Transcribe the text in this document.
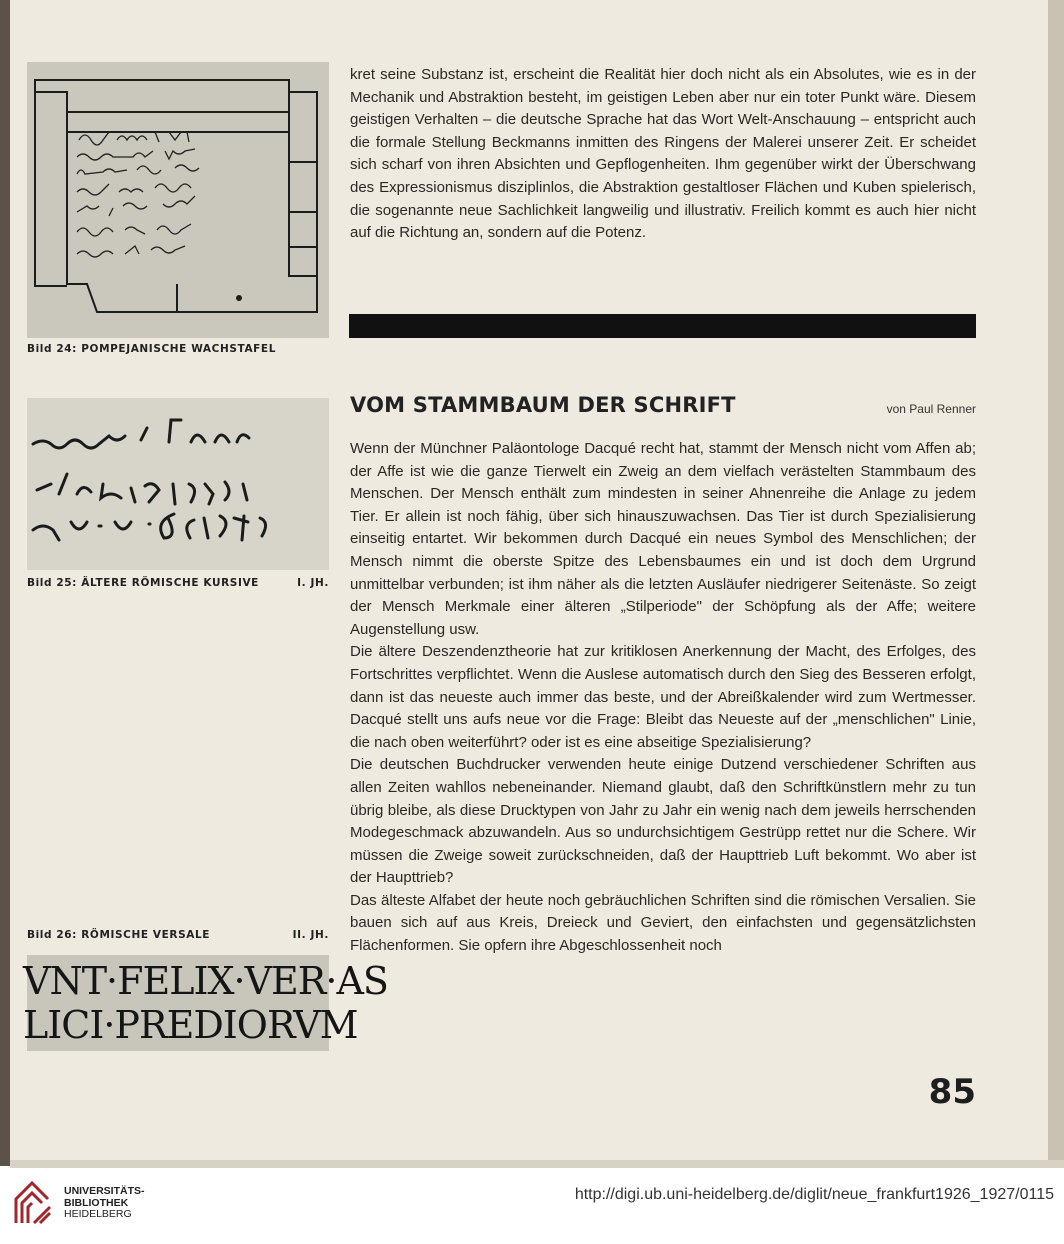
Bild 24: POMPEJANISCHE WACHSTAFEL
Bild 25: ÄLTERE RÖMISCHE KURSIVE	I. JH.
Bild 26: RÖMISCHE VERSALE	II. JH.
VNT·FELIX·VER·AS
LICI·PREDIORVM

kret seine Substanz ist, erscheint die Realität hier doch nicht als ein Absolutes, wie es in der Mechanik und Abstraktion besteht, im geistigen Leben aber nur ein toter Punkt wäre. Diesem geistigen Verhalten – die deutsche Sprache hat das Wort Welt-Anschauung – entspricht auch die formale Stellung Beckmanns inmitten des Ringens der Malerei unserer Zeit. Er scheidet sich scharf von ihren Absichten und Gepflogenheiten. Ihm gegenüber wirkt der Überschwang des Expressionismus disziplinlos, die Abstraktion gestaltloser Flächen und Kuben spielerisch, die sogenannte neue Sachlichkeit langweilig und illustrativ. Freilich kommt es auch hier nicht auf die Richtung an, sondern auf die Potenz.

VOM STAMMBAUM DER SCHRIFT	von Paul Renner

Wenn der Münchner Paläontologe Dacqué recht hat, stammt der Mensch nicht vom Affen ab; der Affe ist wie die ganze Tierwelt ein Zweig an dem vielfach verästelten Stammbaum des Menschen. Der Mensch enthält zum mindesten in seiner Ahnenreihe die Anlage zu jedem Tier. Er allein ist noch fähig, über sich hinauszuwachsen. Das Tier ist durch Spezialisierung einseitig entartet. Wir bekommen durch Dacqué ein neues Symbol des Menschlichen; der Mensch nimmt die oberste Spitze des Lebensbaumes ein und ist doch dem Urgrund unmittelbar verbunden; ist ihm näher als die letzten Ausläufer niedrigerer Seitenäste. So zeigt der Mensch Merkmale einer älteren „Stilperiode" der Schöpfung als der Affe; weitere Augenstellung usw.

Die ältere Deszendenztheorie hat zur kritiklosen Anerkennung der Macht, des Erfolges, des Fortschrittes verpflichtet. Wenn die Auslese automatisch durch den Sieg des Besseren erfolgt, dann ist das neueste auch immer das beste, und der Abreißkalender wird zum Wertmesser. Dacqué stellt uns aufs neue vor die Frage: Bleibt das Neueste auf der „menschlichen" Linie, die nach oben weiterführt? oder ist es eine abseitige Spezialisierung?

Die deutschen Buchdrucker verwenden heute einige Dutzend verschiedener Schriften aus allen Zeiten wahllos nebeneinander. Niemand glaubt, daß den Schriftkünstlern mehr zu tun übrig bleibe, als diese Drucktypen von Jahr zu Jahr ein wenig nach dem jeweils herrschenden Modegeschmack abzuwandeln. Aus so undurchsichtigem Gestrüpp rettet nur die Schere. Wir müssen die Zweige soweit zurückschneiden, daß der Haupttrieb Luft bekommt. Wo aber ist der Haupttrieb?

Das älteste Alfabet der heute noch gebräuchlichen Schriften sind die römischen Versalien. Sie bauen sich auf aus Kreis, Dreieck und Geviert, den einfachsten und gegensätzlichsten Flächenformen. Sie opfern ihre Abgeschlossenheit noch

85
UNIVERSITÄTS-
BIBLIOTHEK
HEIDELBERG
http://digi.ub.uni-heidelberg.de/diglit/neue_frankfurt1926_1927/0115
